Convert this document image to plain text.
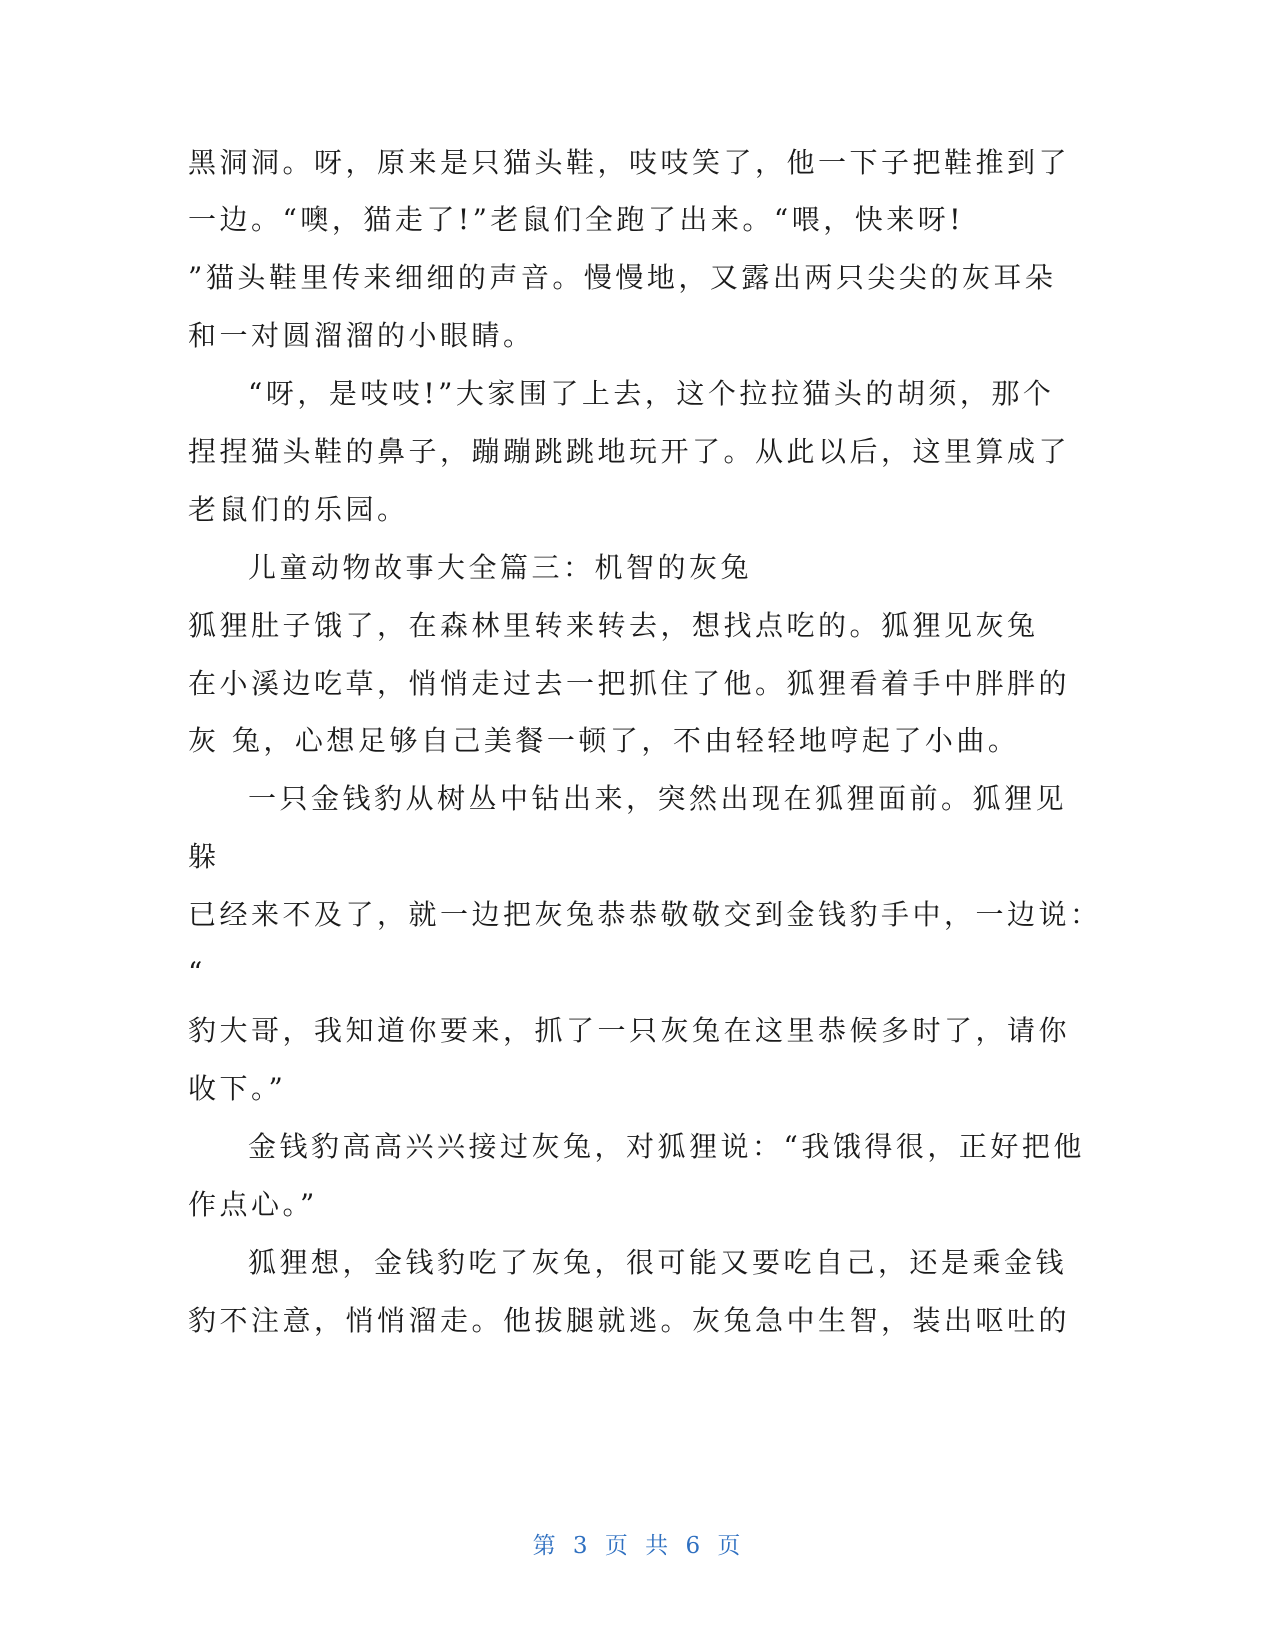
黑洞洞。呀，原来是只猫头鞋，吱吱笑了，他一下子把鞋推到了
一边。“噢，猫走了!”老鼠们全跑了出来。“喂，快来呀!
”猫头鞋里传来细细的声音。慢慢地，又露出两只尖尖的灰耳朵
和一对圆溜溜的小眼睛。
“呀，是吱吱!”大家围了上去，这个拉拉猫头的胡须，那个
捏捏猫头鞋的鼻子，蹦蹦跳跳地玩开了。从此以后，这里算成了
老鼠们的乐园。
儿童动物故事大全篇三：机智的灰兔
狐狸肚子饿了，在森林里转来转去，想找点吃的。狐狸见灰兔
在小溪边吃草，悄悄走过去一把抓住了他。狐狸看着手中胖胖的
灰 兔，心想足够自己美餐一顿了，不由轻轻地哼起了小曲。
一只金钱豹从树丛中钻出来，突然出现在狐狸面前。狐狸见
躲
已经来不及了，就一边把灰兔恭恭敬敬交到金钱豹手中，一边说：
“
豹大哥，我知道你要来，抓了一只灰兔在这里恭候多时了，请你
收下。”
金钱豹高高兴兴接过灰兔，对狐狸说：“我饿得很，正好把他
作点心。”
狐狸想，金钱豹吃了灰兔，很可能又要吃自己，还是乘金钱
豹不注意，悄悄溜走。他拔腿就逃。灰兔急中生智，装出呕吐的
第 3 页 共 6 页
